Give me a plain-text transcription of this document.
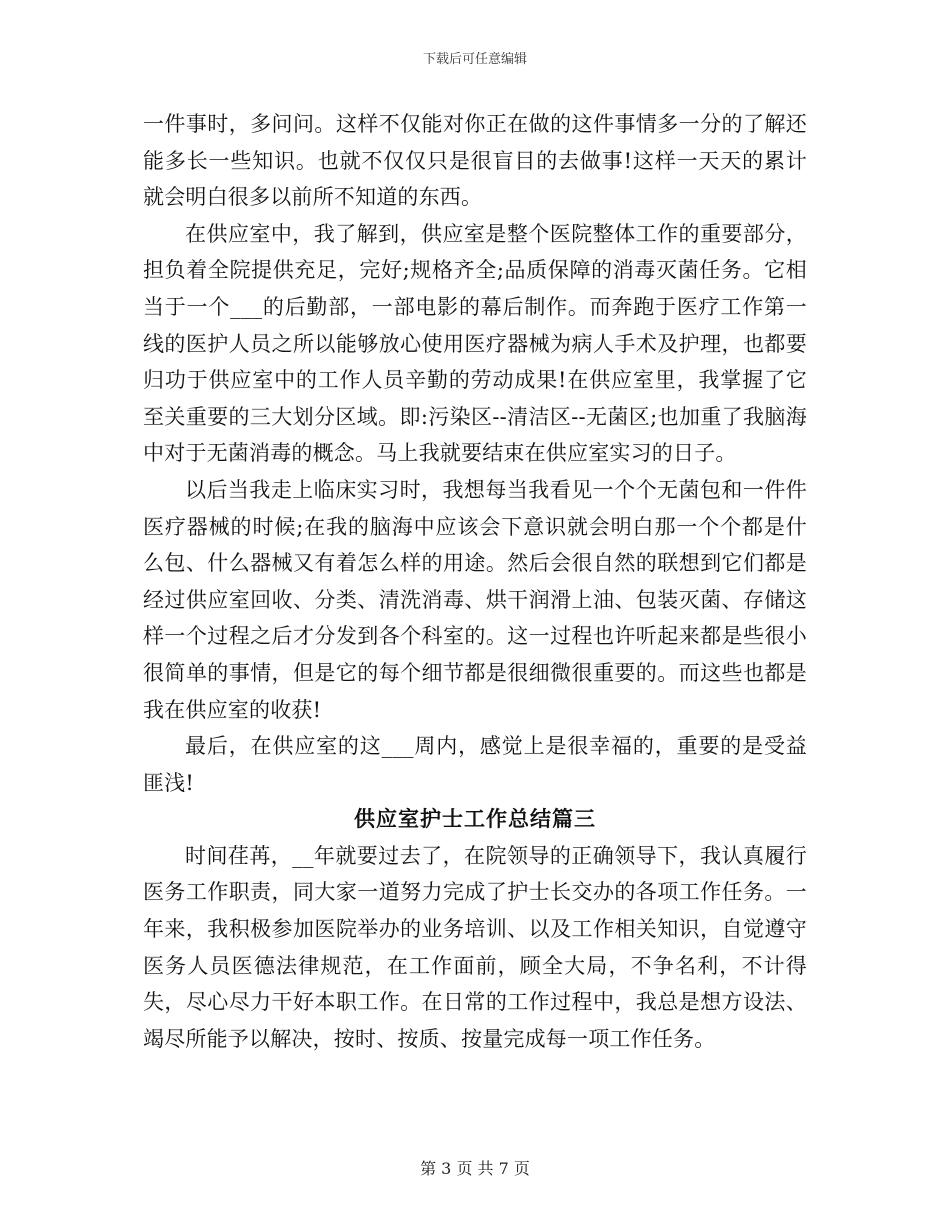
下载后可任意编辑

一件事时，多问问。这样不仅能对你正在做的这件事情多一分的了解还能多长一些知识。也就不仅仅只是很盲目的去做事!这样一天天的累计就会明白很多以前所不知道的东西。

在供应室中，我了解到，供应室是整个医院整体工作的重要部分，担负着全院提供充足，完好;规格齐全;品质保障的消毒灭菌任务。它相当于一个___的后勤部，一部电影的幕后制作。而奔跑于医疗工作第一线的医护人员之所以能够放心使用医疗器械为病人手术及护理，也都要归功于供应室中的工作人员辛勤的劳动成果!在供应室里，我掌握了它至关重要的三大划分区域。即:污染区--清洁区--无菌区;也加重了我脑海中对于无菌消毒的概念。马上我就要结束在供应室实习的日子。

以后当我走上临床实习时，我想每当我看见一个个无菌包和一件件医疗器械的时候;在我的脑海中应该会下意识就会明白那一个个都是什么包、什么器械又有着怎么样的用途。然后会很自然的联想到它们都是经过供应室回收、分类、清洗消毒、烘干润滑上油、包装灭菌、存储这样一个过程之后才分发到各个科室的。这一过程也许听起来都是些很小很简单的事情，但是它的每个细节都是很细微很重要的。而这些也都是我在供应室的收获!

最后，在供应室的这___周内，感觉上是很幸福的，重要的是受益匪浅!

供应室护士工作总结篇三

时间荏苒，__年就要过去了，在院领导的正确领导下，我认真履行医务工作职责，同大家一道努力完成了护士长交办的各项工作任务。一年来，我积极参加医院举办的业务培训、以及工作相关知识，自觉遵守医务人员医德法律规范，在工作面前，顾全大局，不争名利，不计得失，尽心尽力干好本职工作。在日常的工作过程中，我总是想方设法、竭尽所能予以解决，按时、按质、按量完成每一项工作任务。

第 3 页 共 7 页
